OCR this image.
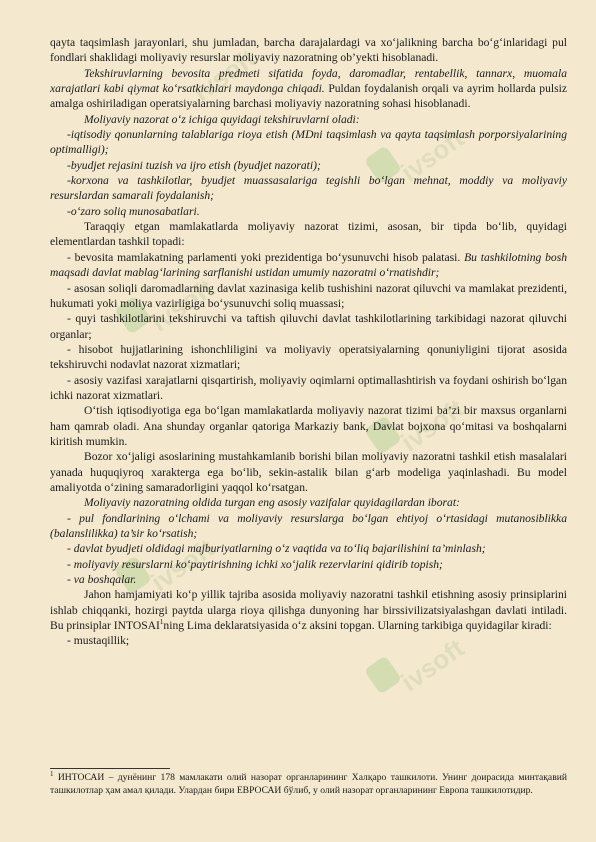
ivsoft
ivsoft
ivsoft
ivsoft
ivsoft
ivsoft

qayta taqsimlash jarayonlari, shu jumladan, barcha darajalardagi va xo‘jalikning barcha bo‘g‘inlaridagi pul fondlari shaklidagi moliyaviy resurslar moliyaviy nazoratning ob’yekti hisoblanadi.

Tekshiruvlarning bevosita predmeti sifatida foyda, daromadlar, rentabellik, tannarx, muomala xarajatlari kabi qiymat ko‘rsatkichlari maydonga chiqadi. Puldan foydalanish orqali va ayrim hollarda pulsiz amalga oshiriladigan operatsiyalarning barchasi moliyaviy nazoratning sohasi hisoblanadi.

Moliyaviy nazorat o‘z ichiga quyidagi tekshiruvlarni oladi:

-iqtisodiy qonunlarning talablariga rioya etish (MDni taqsimlash va qayta taqsimlash porporsiyalarining optimalligi);

-byudjet rejasini tuzish va ijro etish (byudjet nazorati);

-korxona va tashkilotlar, byudjet muassasalariga tegishli bo‘lgan mehnat, moddiy va moliyaviy resurslardan samarali foydalanish;

-o‘zaro soliq munosabatlari.

Taraqqiy etgan mamlakatlarda moliyaviy nazorat tizimi, asosan, bir tipda bo‘lib, quyidagi elementlardan tashkil topadi:

- bevosita mamlakatning parlamenti yoki prezidentiga bo‘ysunuvchi hisob palatasi. Bu tashkilotning bosh maqsadi davlat mablag‘larining sarflanishi ustidan umumiy nazoratni o‘rnatishdir;

- asosan soliqli daromadlarning davlat xazinasiga kelib tushishini nazorat qiluvchi va mamlakat prezidenti, hukumati yoki moliya vazirligiga bo‘ysunuvchi soliq muassasi;

- quyi tashkilotlarini tekshiruvchi va taftish qiluvchi davlat tashkilotlarining tarkibidagi nazorat qiluvchi organlar;

- hisobot hujjatlarining ishonchliligini va moliyaviy operatsiyalarning qonuniyligini tijorat asosida tekshiruvchi nodavlat nazorat xizmatlari;

- asosiy vazifasi xarajatlarni qisqartirish, moliyaviy oqimlarni optimallashtirish va foydani oshirish bo‘lgan ichki nazorat xizmatlari.

O‘tish iqtisodiyotiga ega bo‘lgan mamlakatlarda moliyaviy nazorat tizimi ba’zi bir maxsus organlarni ham qamrab oladi. Ana shunday organlar qatoriga Markaziy bank, Davlat bojxona qo‘mitasi va boshqalarni kiritish mumkin.

Bozor xo‘jaligi asoslarining mustahkamlanib borishi bilan moliyaviy nazoratni tashkil etish masalalari yanada huquqiyroq xarakterga ega bo‘lib, sekin-astalik bilan g‘arb modeliga yaqinlashadi. Bu model amaliyotda o‘zining samaradorligini yaqqol ko‘rsatgan.

Moliyaviy nazoratning oldida turgan eng asosiy vazifalar quyidagilardan iborat:

- pul fondlarining o‘lchami va moliyaviy resurslarga bo‘lgan ehtiyoj o‘rtasidagi mutanosiblikka (balanslilikka) ta’sir ko‘rsatish;

- davlat byudjeti oldidagi majburiyatlarning o‘z vaqtida va to‘liq bajarilishini ta’minlash;

- moliyaviy resurslarni ko‘paytirishning ichki xo‘jalik rezervlarini qidirib topish;

- va boshqalar.

Jahon hamjamiyati ko‘p yillik tajriba asosida moliyaviy nazoratni tashkil etishning asosiy prinsiplarini ishlab chiqqanki, hozirgi paytda ularga rioya qilishga dunyoning har birssivilizatsiyalashgan davlati intiladi. Bu prinsiplar INTOSAI$^1$ning Lima deklaratsiyasida o‘z aksini topgan. Ularning tarkibiga quyidagilar kiradi:

- mustaqillik;

$^1$ ИНТОСАИ – дунёнинг 178 мамлакати олий назорат органларининг Халқаро ташкилоти. Унинг доирасида минтақавий ташкилотлар ҳам амал қилади. Улардан бири ЕВРОСАИ бўлиб, у олий назорат органларининг Европа ташкилотидир.
